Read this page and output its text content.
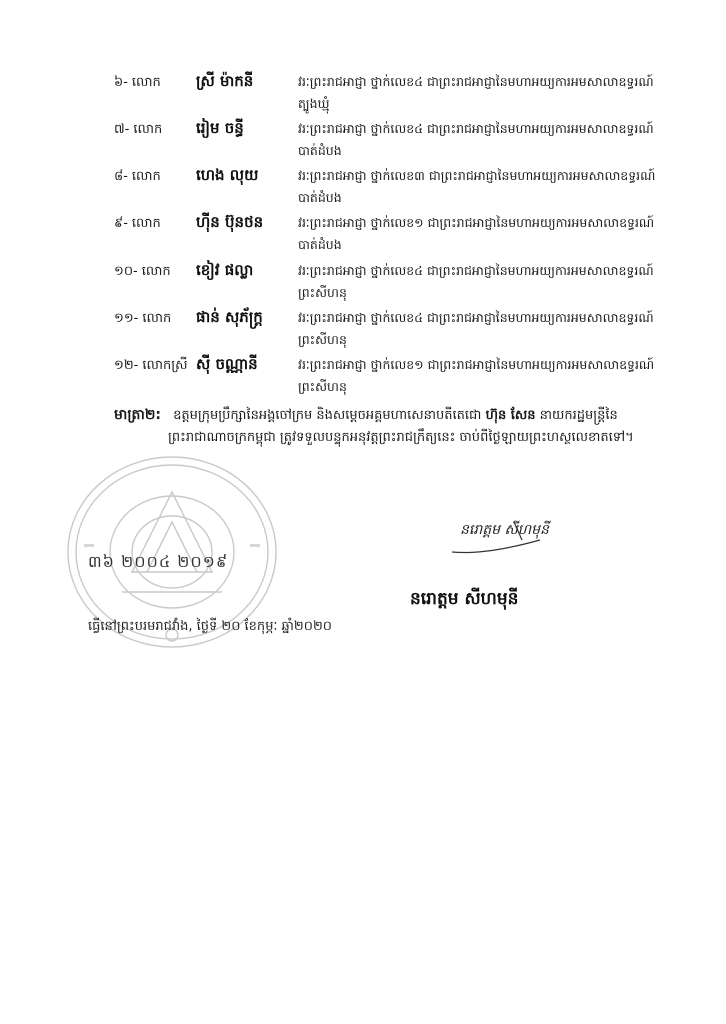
៦- លោក ស្រី ម៉ាកនី	វរៈព្រះរាជអាជ្ញា ថ្នាក់លេខ៤ ជាព្រះរាជអាជ្ញានៃមហាអយ្យការអមសាលាឧទ្ធរណ៍
ត្បូងឃ្មុំ
៧- លោក រៀម ចន្ធី	វរៈព្រះរាជអាជ្ញា ថ្នាក់លេខ៤ ជាព្រះរាជអាជ្ញានៃមហាអយ្យការអមសាលាឧទ្ធរណ៍
បាត់ដំបង
៨- លោក ហេង លុយ	វរៈព្រះរាជអាជ្ញា ថ្នាក់លេខ៣ ជាព្រះរាជអាជ្ញានៃមហាអយ្យការអមសាលាឧទ្ធរណ៍
បាត់ដំបង
៩- លោក ហ៊ីន ប៊ុនថន	វរៈព្រះរាជអាជ្ញា ថ្នាក់លេខ១ ជាព្រះរាជអាជ្ញានៃមហាអយ្យការអមសាលាឧទ្ធរណ៍
បាត់ដំបង
១០- លោក ខៀវ ផល្លា	វរៈព្រះរាជអាជ្ញា ថ្នាក់លេខ៤ ជាព្រះរាជអាជ្ញានៃមហាអយ្យការអមសាលាឧទ្ធរណ៍
ព្រះសីហនុ
១១- លោក ផាន់ សុភ័ក្រ្ត	វរៈព្រះរាជអាជ្ញា ថ្នាក់លេខ៤ ជាព្រះរាជអាជ្ញានៃមហាអយ្យការអមសាលាឧទ្ធរណ៍
ព្រះសីហនុ
១២- លោកស្រី ស៊ី ចណ្ណានី	វរៈព្រះរាជអាជ្ញា ថ្នាក់លេខ១ ជាព្រះរាជអាជ្ញានៃមហាអយ្យការអមសាលាឧទ្ធរណ៍
ព្រះសីហនុ
មាត្រា២: ឧត្តមក្រុមប្រឹក្សានៃអង្គចៅក្រម និងសម្ដេចអគ្គមហាសេនាបតីតេជោ ហ៊ុន សែន នាយករដ្ឋមន្ត្រីនៃ
ព្រះរាជាណាចក្រកម្ពុជា ត្រូវទទួលបន្ទុកអនុវត្តព្រះរាជក្រឹត្យនេះ ចាប់ពីថ្ងៃឡាយព្រះហស្ថលេខាតទៅ។
៣៦ ២០០៤ ២០១៩
ធ្វើនៅព្រះបរមរាជវាំង, ថ្ងៃទី ២០ ខែកុម្ភៈ ឆ្នាំ២០២០
នរោត្តម សីហមុនី
នរោត្តម សីហមុនី
